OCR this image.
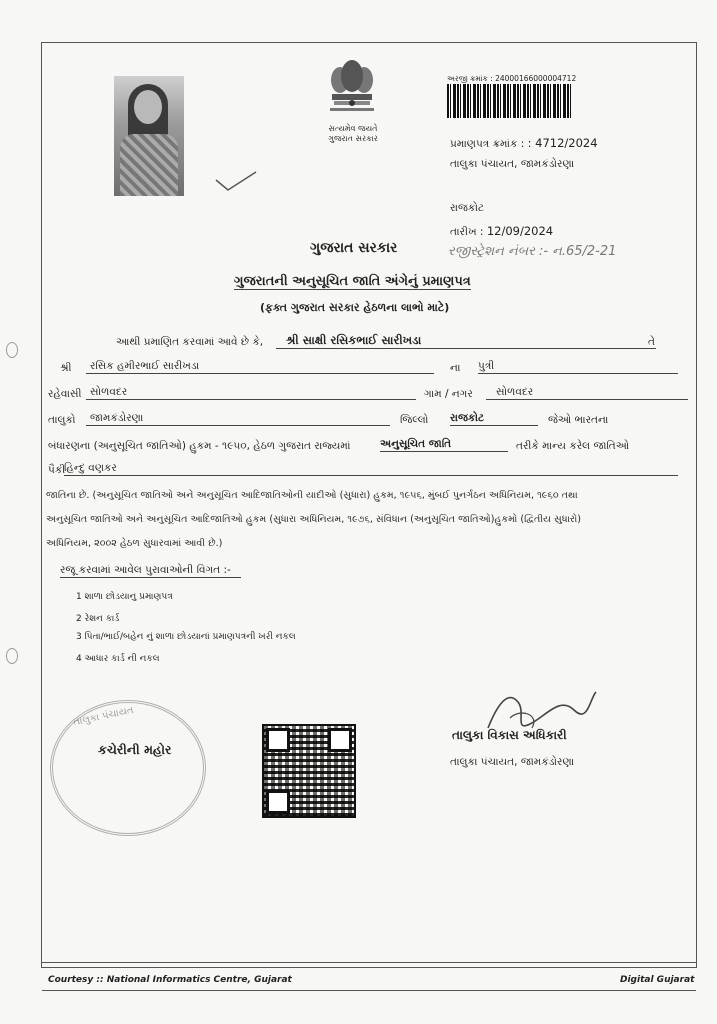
સત્યમેવ જયતે
ગુજરાત સરકાર
અરજી ક્રમાંક : 24000166000004712
પ્રમાણપત્ર ક્રમાંક : : 4712/2024
તાલુકા પંચાયત, જામકંડોરણા
રાજકોટ
તારીખ : 12/09/2024
રજીસ્ટ્રેશન નંબર :- ન.65/2-21
ગુજરાત સરકાર
ગુજરાતની અનુસૂચિત જાતિ અંગેનું પ્રમાણપત્ર
(ફક્ત ગુજરાત સરકાર હેઠળના લાભો માટે)
આથી પ્રમાણિત કરવામાં આવે છે કે,	શ્રી સાક્ષી રસિકભાઈ સારીખડા	તે
શ્રી	રસિક હમીરભાઈ સારીખડા	ના પુત્રી
રહેવાસી સોળવદર	ગામ / નગર	સોળવદર
તાલુકો	જામકંડોરણા	જિલ્લો રાજકોટ	જેઓ ભારતના
બંધારણના (અનુસૂચિત જાતિઓ) હુકમ - ૧૯૫૦, હેઠળ ગુજરાત રાજ્યમાં	અનુસૂચિત જાતિ	તરીકે માન્ય કરેલ જાતિઓ
પૈકી
હિન્દુ વણકર
જાતિના છે. (અનુસૂચિત જાતિઓ અને અનુસૂચિત આદિજાતિઓની યાદીઓ (સુધારા) હુકમ, ૧૯૫૬, મુંબઈ પુનર્ગઠન અધિનિયમ, ૧૯૬૦ તથા
અનુસૂચિત જાતિઓ અને અનુસૂચિત આદિજાતિઓ હુકમ (સુધારા અધિનિયમ, ૧૯૭૬, સંવિધાન (અનુસૂચિત જાતિઓ)હુકમો (દ્વિતીય સુધારો)
અધિનિયમ, ૨૦૦૨ હેઠળ સુધારવામાં આવી છે.)
રજૂ કરવામાં આવેલ પુરાવાઓની વિગત :-
1 શાળા છોડયાનુ પ્રમાણપત્ર
2 રેશન કાર્ડ
3 પિતા/ભાઈ/બહેન નું શાળા છોડયાનાં પ્રમાણપત્રની ખરી નકલ
4 આધાર કાર્ડ ની નકલ
તાલુકા પંચાયત
કચેરીની મહોર
તાલુકા વિકાસ અધિકારી
તાલુકા પંચાયત, જામકંડોરણા
Courtesy :: National Informatics Centre, Gujarat	Digital Gujarat
